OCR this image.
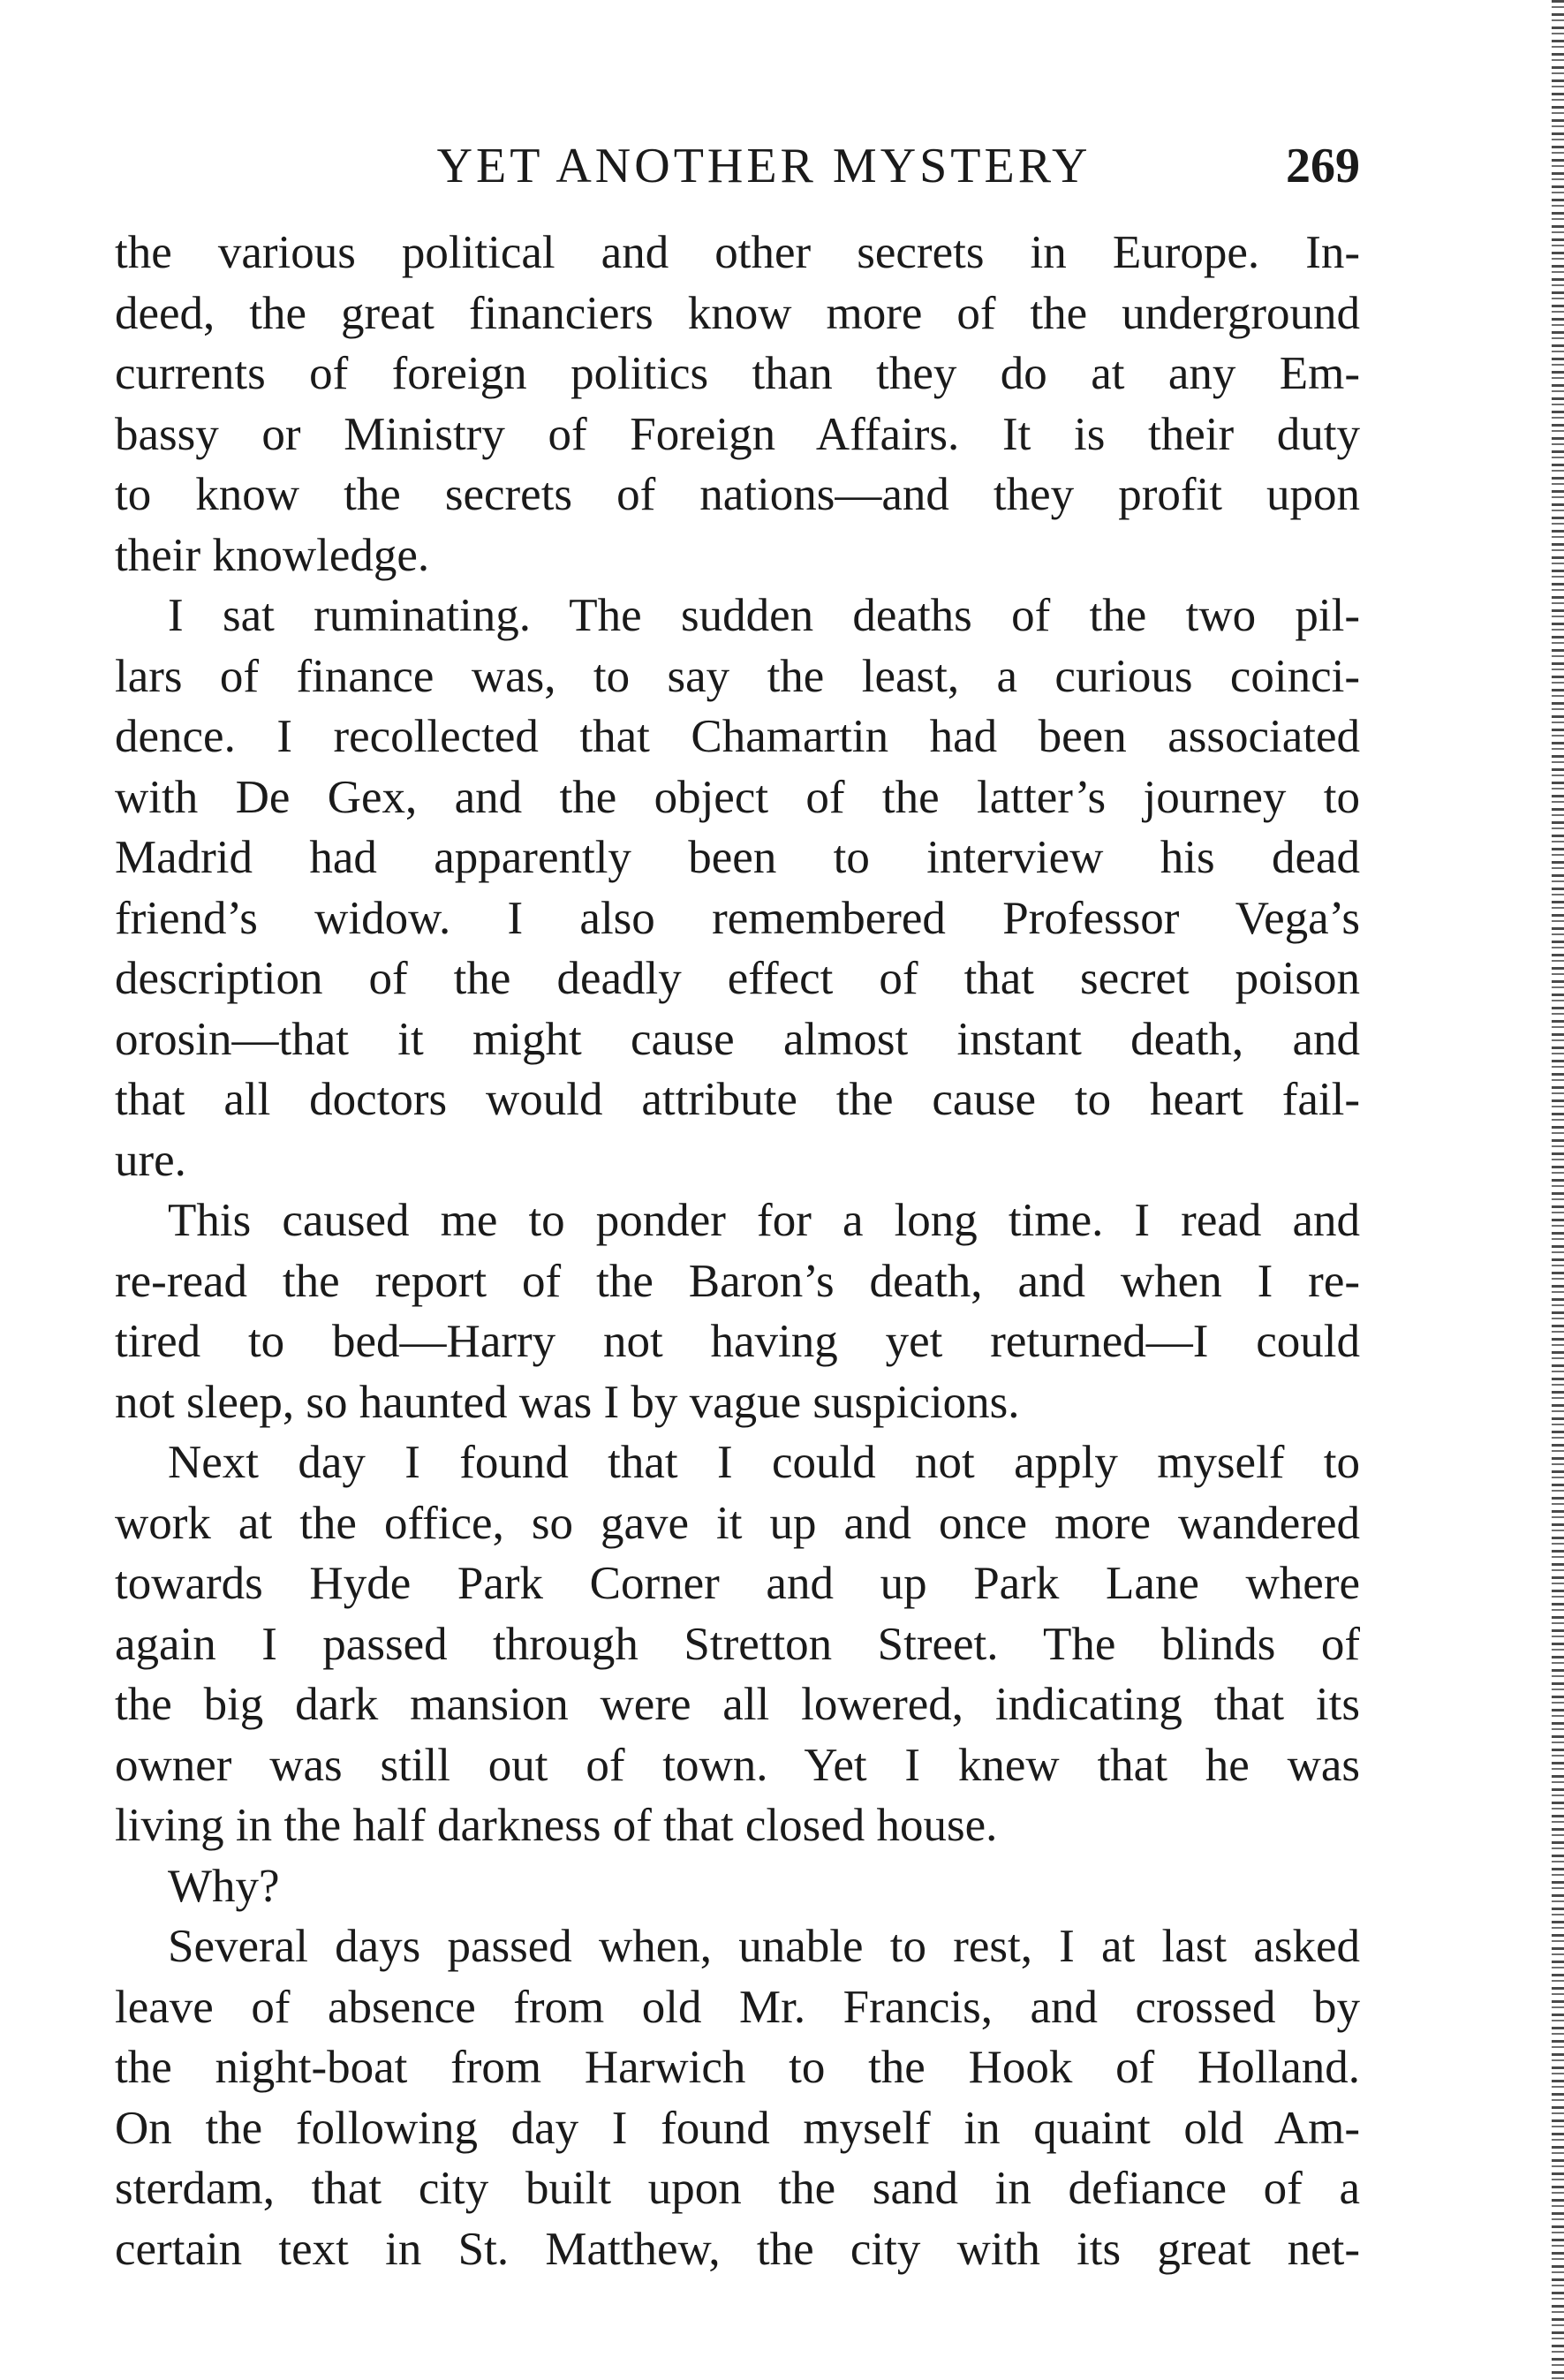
YET ANOTHER MYSTERY	269
the various political and other secrets in Europe. In-
deed, the great financiers know more of the underground
currents of foreign politics than they do at any Em-
bassy or Ministry of Foreign Affairs. It is their duty
to know the secrets of nations—and they profit upon
their knowledge.
I sat ruminating. The sudden deaths of the two pil-
lars of finance was, to say the least, a curious coinci-
dence. I recollected that Chamartin had been associated
with De Gex, and the object of the latter’s journey to
Madrid had apparently been to interview his dead
friend’s widow. I also remembered Professor Vega’s
description of the deadly effect of that secret poison
orosin—that it might cause almost instant death, and
that all doctors would attribute the cause to heart fail-
ure.
This caused me to ponder for a long time. I read and
re-read the report of the Baron’s death, and when I re-
tired to bed—Harry not having yet returned—I could
not sleep, so haunted was I by vague suspicions.
Next day I found that I could not apply myself to
work at the office, so gave it up and once more wandered
towards Hyde Park Corner and up Park Lane where
again I passed through Stretton Street. The blinds of
the big dark mansion were all lowered, indicating that its
owner was still out of town. Yet I knew that he was
living in the half darkness of that closed house.
Why?
Several days passed when, unable to rest, I at last asked
leave of absence from old Mr. Francis, and crossed by
the night-boat from Harwich to the Hook of Holland.
On the following day I found myself in quaint old Am-
sterdam, that city built upon the sand in defiance of a
certain text in St. Matthew, the city with its great net-
